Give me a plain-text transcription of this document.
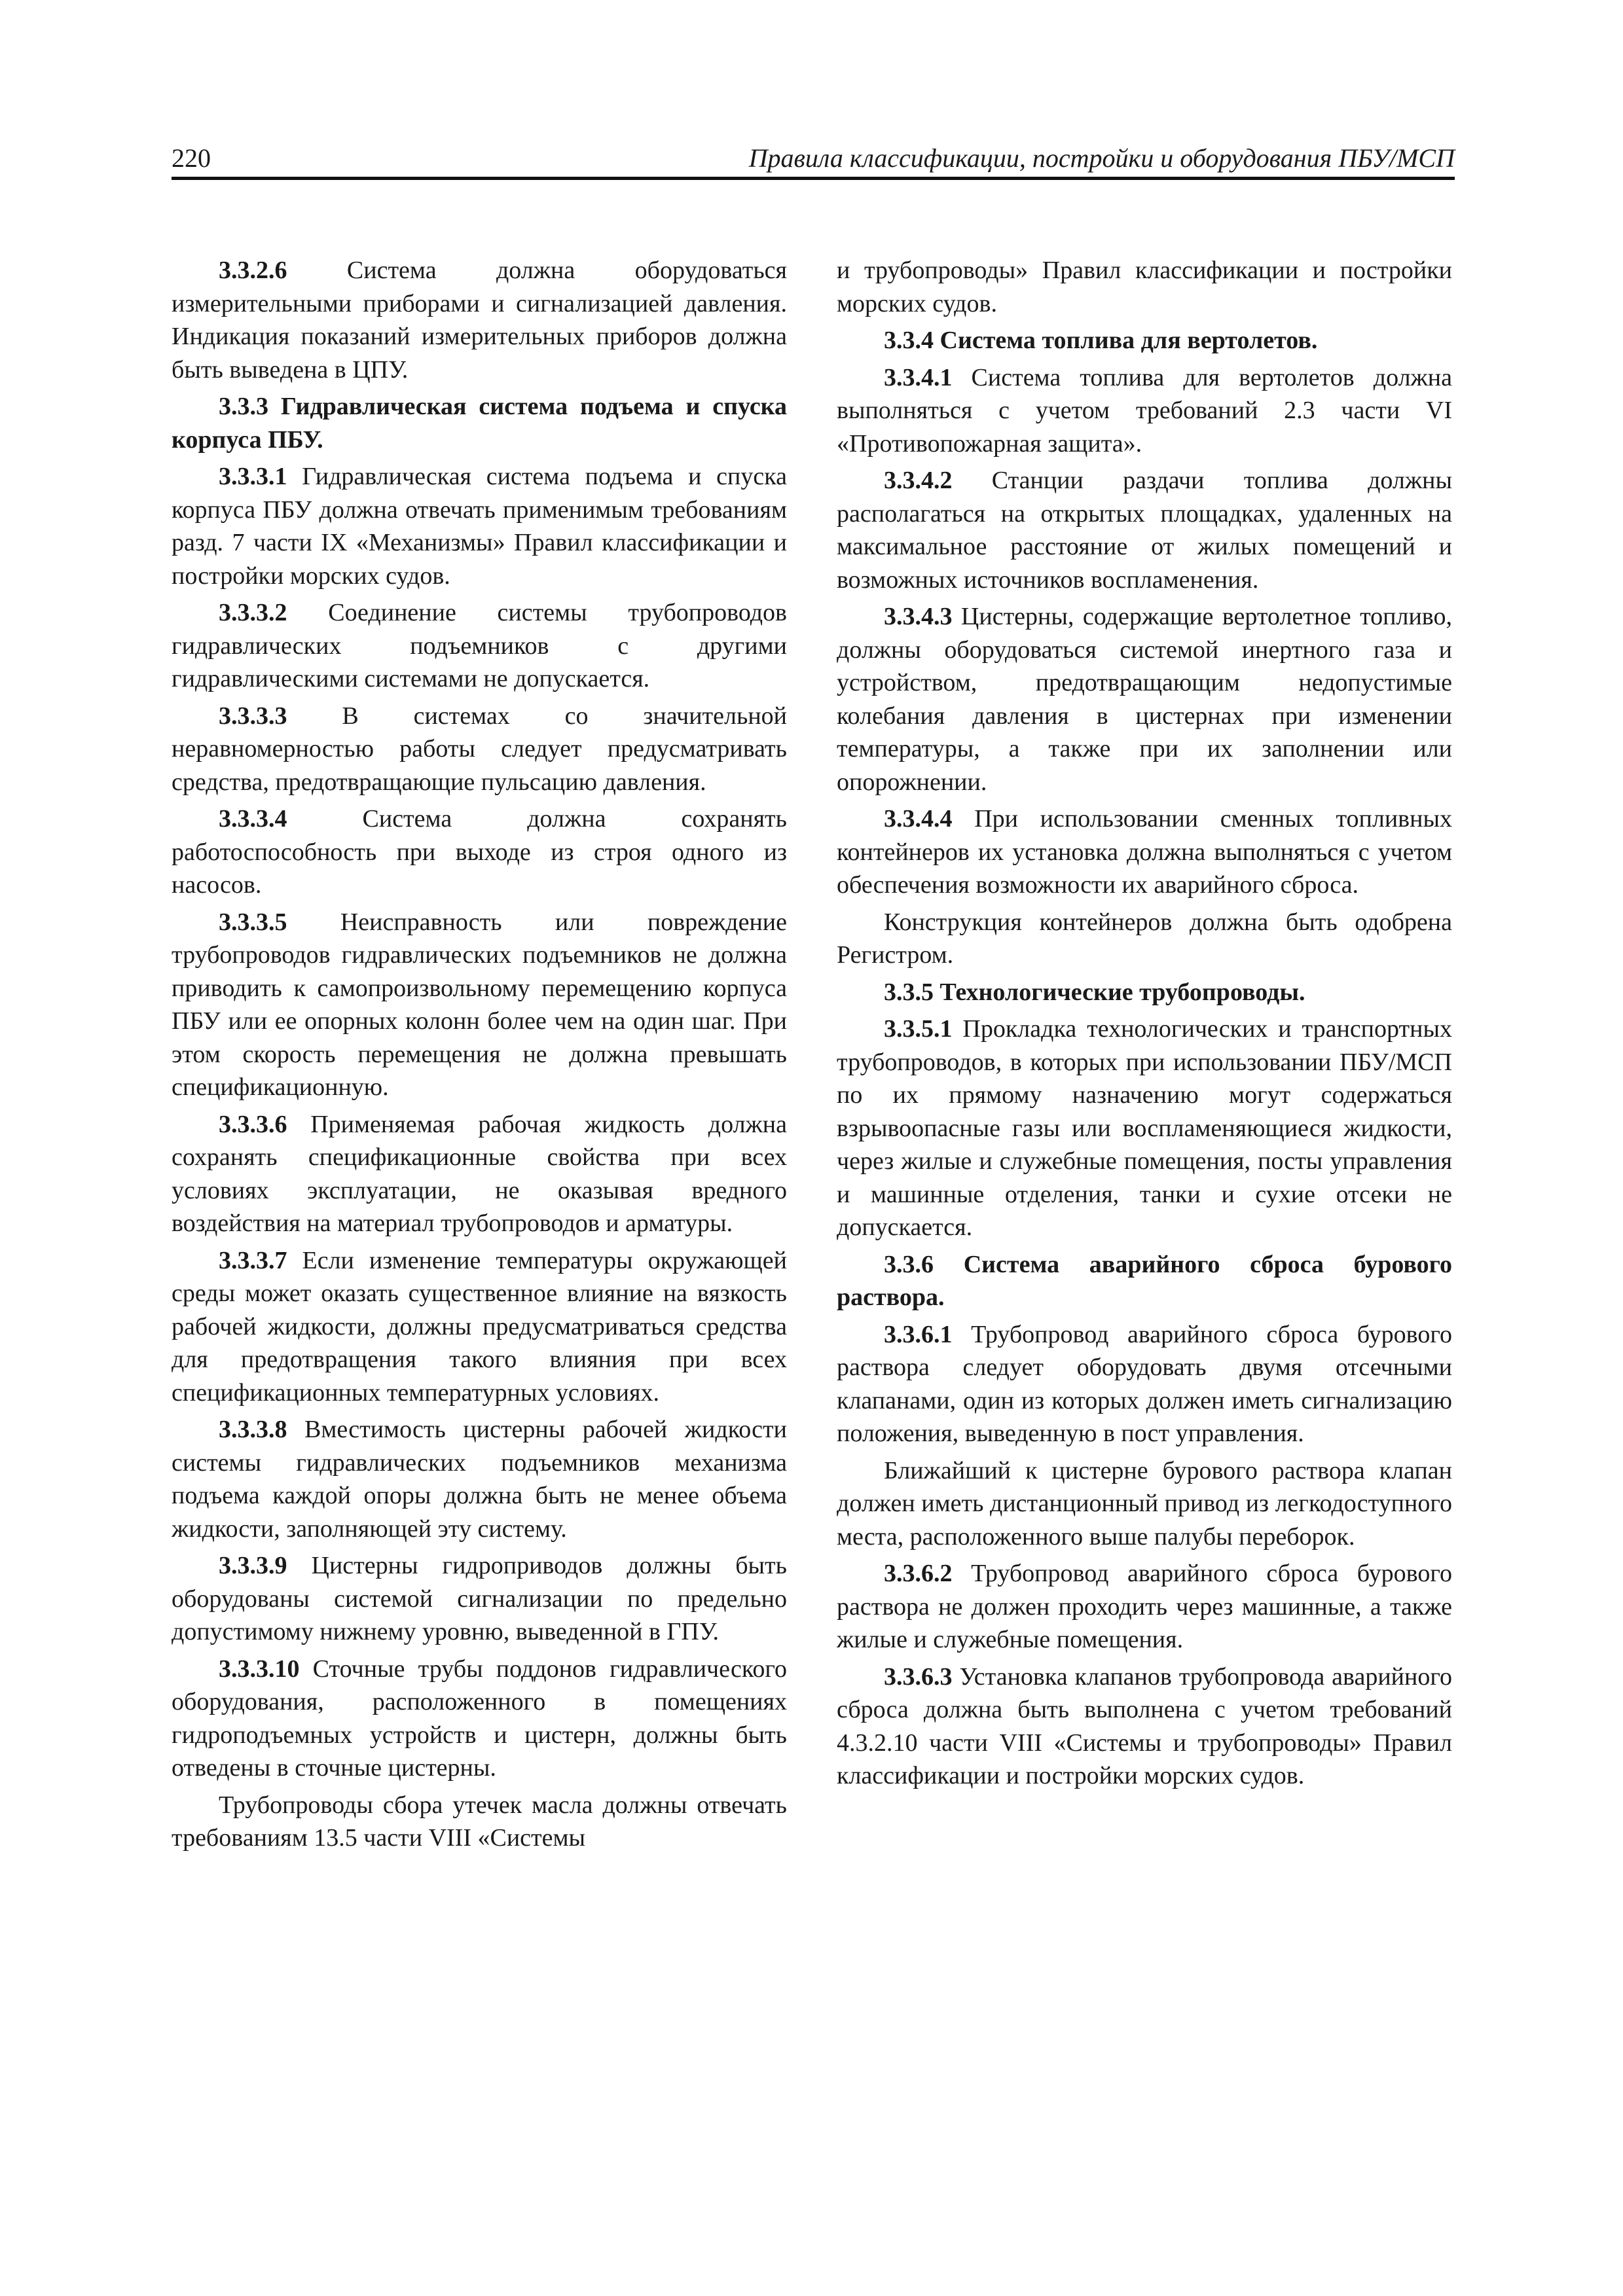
220	Правила классификации, постройки и оборудования ПБУ/МСП

3.3.2.6 Система должна оборудоваться измерительными приборами и сигнализацией давления. Индикация показаний измерительных приборов должна быть выведена в ЦПУ.

3.3.3 Гидравлическая система подъема и спуска корпуса ПБУ.

3.3.3.1 Гидравлическая система подъема и спуска корпуса ПБУ должна отвечать применимым требованиям разд. 7 части IX «Механизмы» Правил классификации и постройки морских судов.

3.3.3.2 Соединение системы трубопроводов гидравлических подъемников с другими гидравлическими системами не допускается.

3.3.3.3 В системах со значительной неравномерностью работы следует предусматривать средства, предотвращающие пульсацию давления.

3.3.3.4 Система должна сохранять работоспособность при выходе из строя одного из насосов.

3.3.3.5 Неисправность или повреждение трубопроводов гидравлических подъемников не должна приводить к самопроизвольному перемещению корпуса ПБУ или ее опорных колонн более чем на один шаг. При этом скорость перемещения не должна превышать спецификационную.

3.3.3.6 Применяемая рабочая жидкость должна сохранять спецификационные свойства при всех условиях эксплуатации, не оказывая вредного воздействия на материал трубопроводов и арматуры.

3.3.3.7 Если изменение температуры окружающей среды может оказать существенное влияние на вязкость рабочей жидкости, должны предусматриваться средства для предотвращения такого влияния при всех спецификационных температурных условиях.

3.3.3.8 Вместимость цистерны рабочей жидкости системы гидравлических подъемников механизма подъема каждой опоры должна быть не менее объема жидкости, заполняющей эту систему.

3.3.3.9 Цистерны гидроприводов должны быть оборудованы системой сигнализации по предельно допустимому нижнему уровню, выведенной в ГПУ.

3.3.3.10 Сточные трубы поддонов гидравлического оборудования, расположенного в помещениях гидроподъемных устройств и цистерн, должны быть отведены в сточные цистерны.

Трубопроводы сбора утечек масла должны отвечать требованиям 13.5 части VIII «Системы

и трубопроводы» Правил классификации и постройки морских судов.

3.3.4 Система топлива для вертолетов.

3.3.4.1 Система топлива для вертолетов должна выполняться с учетом требований 2.3 части VI «Противопожарная защита».

3.3.4.2 Станции раздачи топлива должны располагаться на открытых площадках, удаленных на максимальное расстояние от жилых помещений и возможных источников воспламенения.

3.3.4.3 Цистерны, содержащие вертолетное топливо, должны оборудоваться системой инертного газа и устройством, предотвращающим недопустимые колебания давления в цистернах при изменении температуры, а также при их заполнении или опорожнении.

3.3.4.4 При использовании сменных топливных контейнеров их установка должна выполняться с учетом обеспечения возможности их аварийного сброса.

Конструкция контейнеров должна быть одобрена Регистром.

3.3.5 Технологические трубопроводы.

3.3.5.1 Прокладка технологических и транспортных трубопроводов, в которых при использовании ПБУ/МСП по их прямому назначению могут содержаться взрывоопасные газы или воспламеняющиеся жидкости, через жилые и служебные помещения, посты управления и машинные отделения, танки и сухие отсеки не допускается.

3.3.6 Система аварийного сброса бурового раствора.

3.3.6.1 Трубопровод аварийного сброса бурового раствора следует оборудовать двумя отсечными клапанами, один из которых должен иметь сигнализацию положения, выведенную в пост управления.

Ближайший к цистерне бурового раствора клапан должен иметь дистанционный привод из легкодоступного места, расположенного выше палубы переборок.

3.3.6.2 Трубопровод аварийного сброса бурового раствора не должен проходить через машинные, а также жилые и служебные помещения.

3.3.6.3 Установка клапанов трубопровода аварийного сброса должна быть выполнена с учетом требований 4.3.2.10 части VIII «Системы и трубопроводы» Правил классификации и постройки морских судов.
